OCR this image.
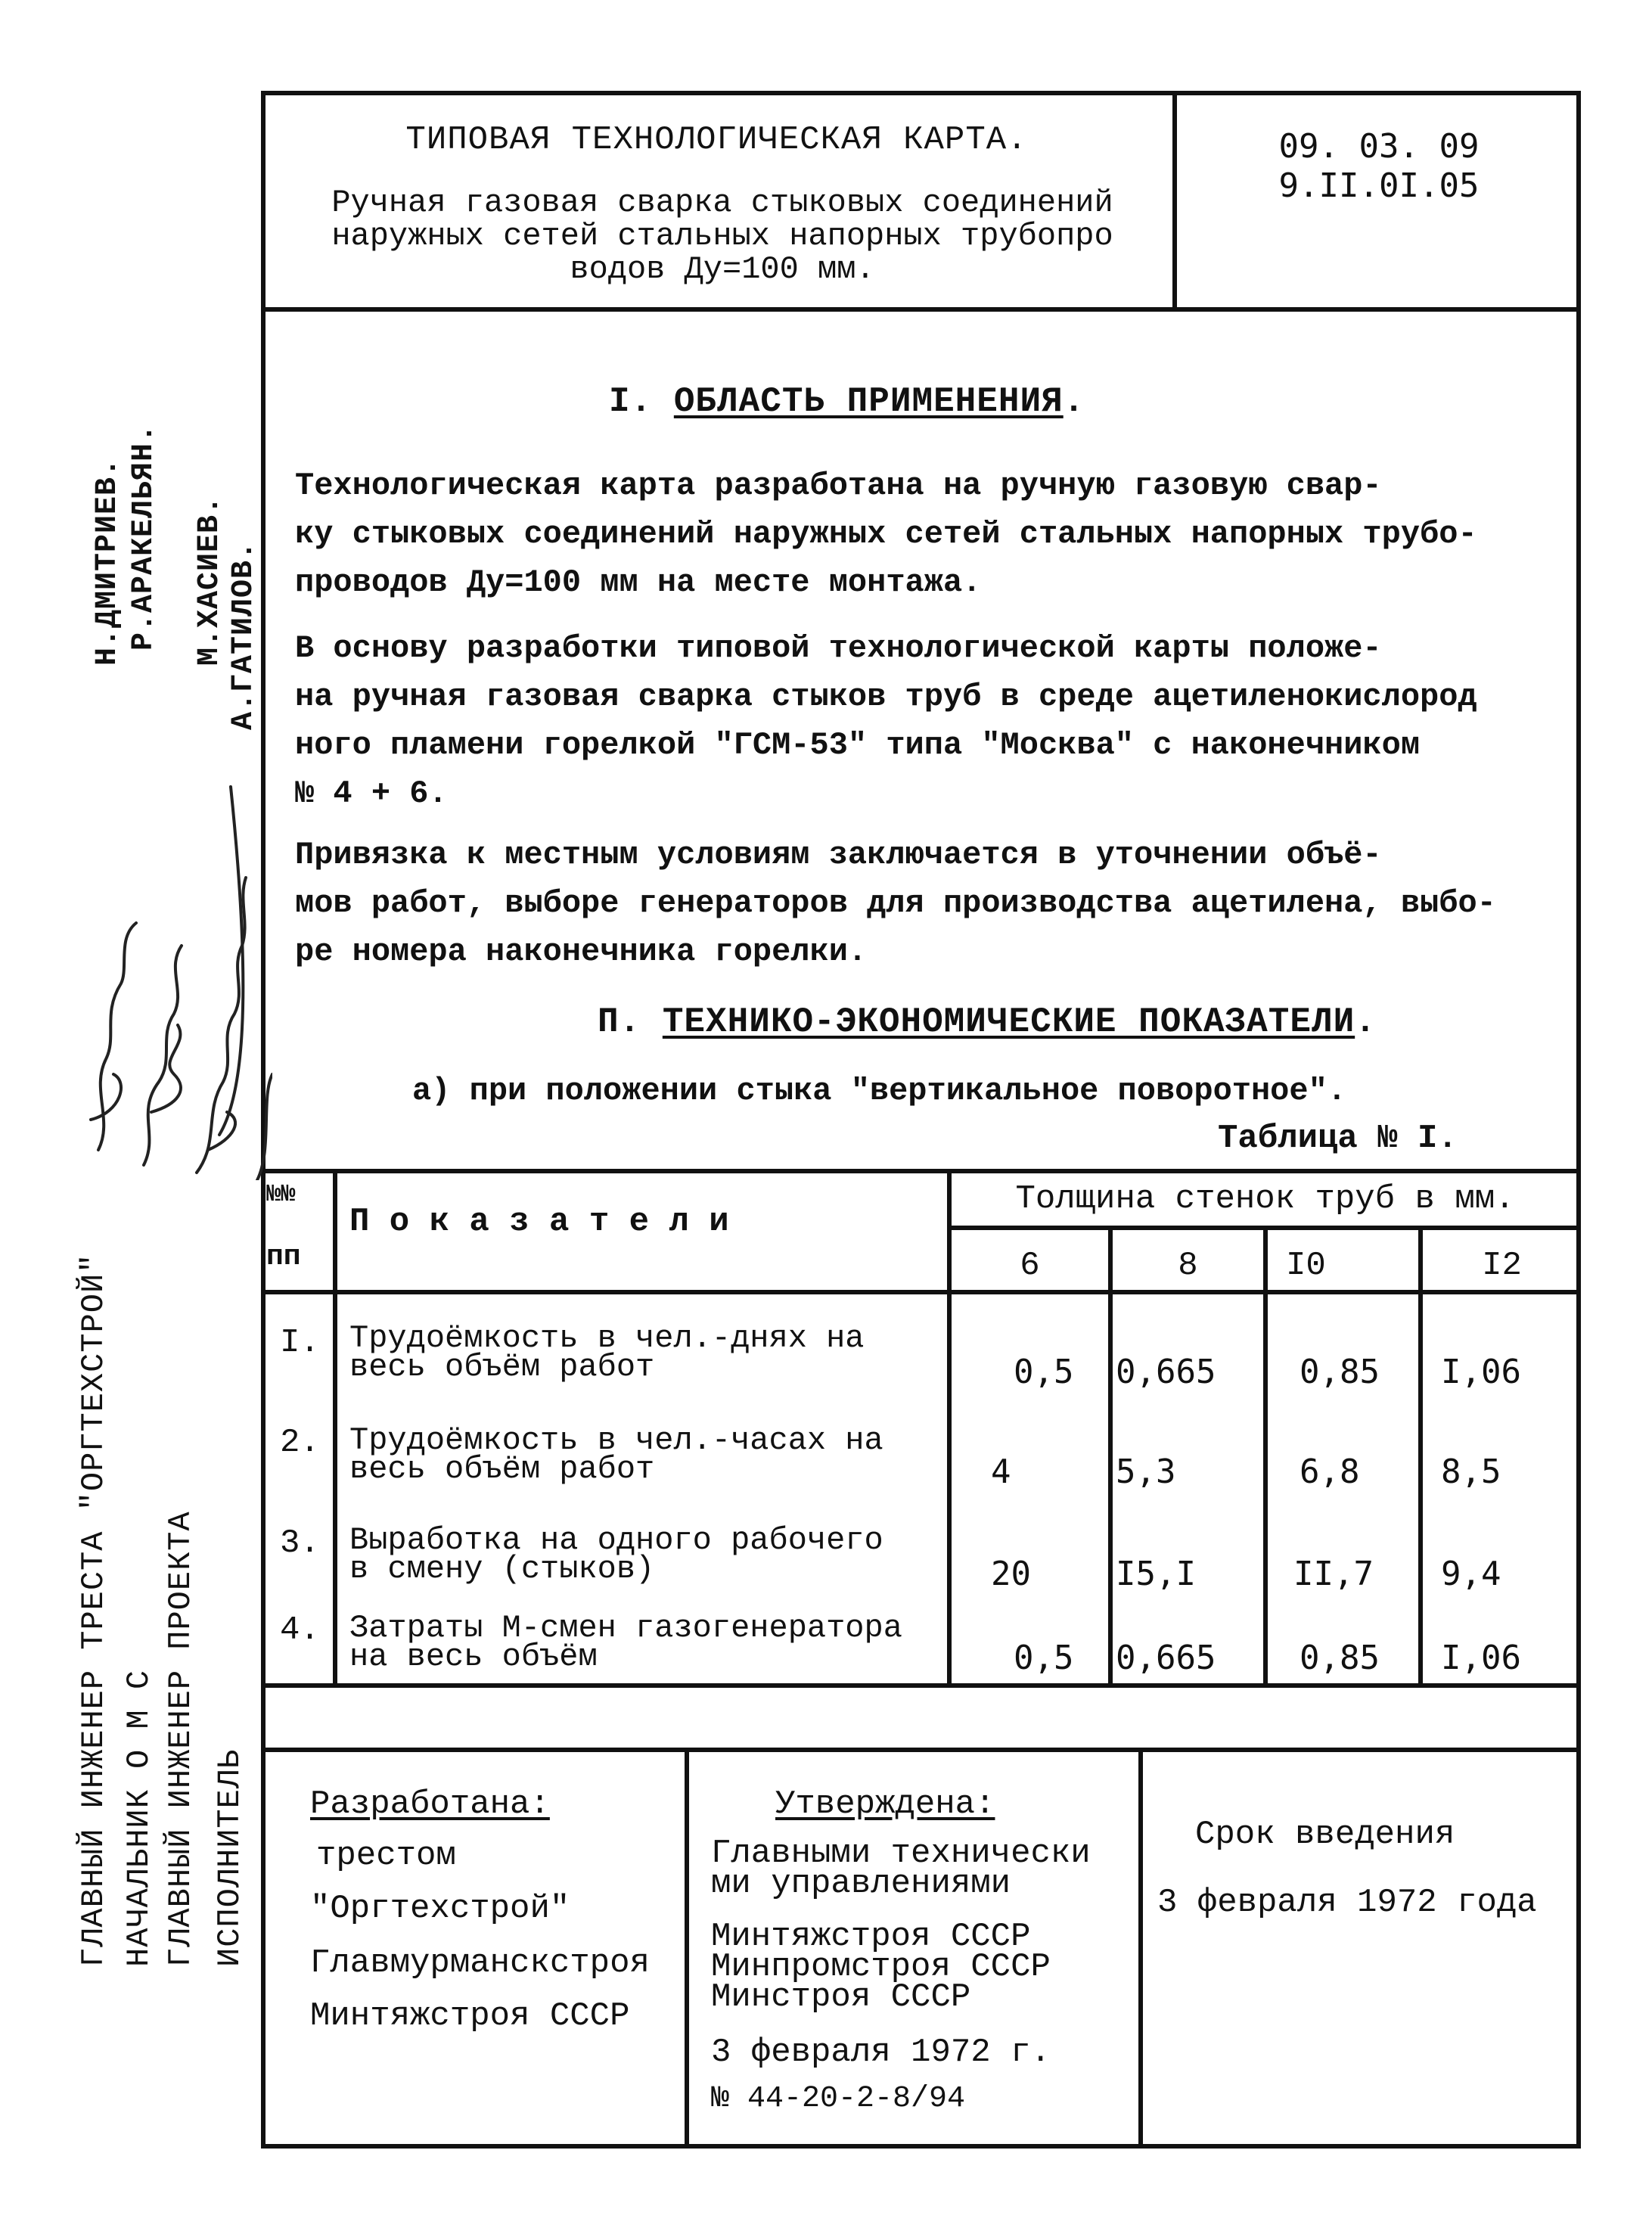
ТИПОВАЯ ТЕХНОЛОГИЧЕСКАЯ КАРТА.
Ручная газовая сварка стыковых соединений
наружных сетей стальных напорных трубопро
водов Ду=100 мм.
09. 03. 09
9.II.0I.05
I. ОБЛАСТЬ ПРИМЕНЕНИЯ.
Технологическая карта разработана на ручную газовую свар-
ку стыковых соединений наружных сетей стальных напорных трубо-
проводов Ду=100 мм на месте монтажа.
В основу разработки типовой технологической карты положе-
на ручная газовая сварка стыков труб в среде ацетиленокислород
ного пламени горелкой "ГСМ-53" типа "Москва" с наконечником
№ 4 + 6.
Привязка к местным условиям заключается в уточнении объё-
мов работ, выборе генераторов для производства ацетилена, выбо-
ре номера наконечника горелки.
П. ТЕХНИКО-ЭКОНОМИЧЕСКИЕ ПОКАЗАТЕЛИ.
а) при положении стыка "вертикальное поворотное".
Таблица № I.
№№
пп
П о к а з а т е л и
Толщина стенок труб в мм.
6	8	I0	I2
I. Трудоёмкость в чел.-днях на
весь объём работ	0,5 0,665	0,85 I,06
2. Трудоёмкость в чел.-часах на
весь объём работ	4	5,3	6,8 8,5
3. Выработка на одного рабочего
в смену (стыков)	20	I5,I	II,7 9,4
4. Затраты М-смен газогенератора
на весь объём	0,5 0,665	0,85 I,06
Разработана:
трестом
"Оргтехстрой"
Главмурманскстроя
Минтяжстроя СССР
Утверждена:
Главными технически
ми управлениями
Минтяжстроя СССР
Минпромстроя СССР
Минстроя СССР
3 февраля 1972 г.
№ 44-20-2-8/94
Срок введения
3 февраля 1972 года
Н.ДМИТРИЕВ. Р.АРАКЕЛЬЯН. М.ХАСИЕВ. А.ГАТИЛОВ.
ГЛАВНЫЙ ИНЖЕНЕР ТРЕСТА "ОРГТЕХСТРОЙ" НАЧАЛЬНИК О М С ГЛАВНЫЙ ИНЖЕНЕР ПРОЕКТА ИСПОЛНИТЕЛЬ
